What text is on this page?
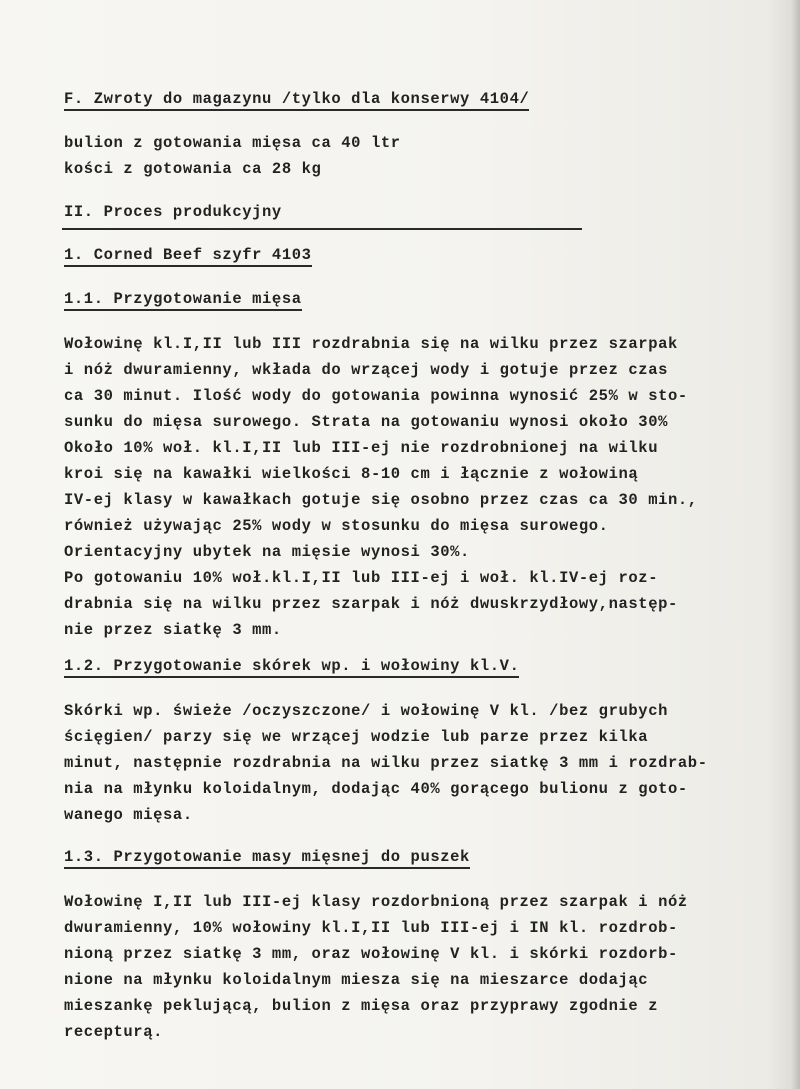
F. Zwroty do magazynu /tylko dla konserwy 4104/
bulion z gotowania mięsa ca 40 ltr
kości z gotowania ca 28 kg
II. Proces produkcyjny
1. Corned Beef szyfr 4103
1.1. Przygotowanie mięsa
Wołowinę kl.I,II lub III rozdrabnia się na wilku przez szarpak
i nóż dwuramienny, wkłada do wrzącej wody i gotuje przez czas
ca 30 minut. Ilość wody do gotowania powinna wynosić 25% w sto-
sunku do mięsa surowego. Strata na gotowaniu wynosi około 30%
Około 10% woł. kl.I,II lub III-ej nie rozdrobnionej na wilku
kroi się na kawałki wielkości 8-10 cm i łącznie z wołowiną
IV-ej klasy w kawałkach gotuje się osobno przez czas ca 30 min.,
również używając 25% wody w stosunku do mięsa surowego.
Orientacyjny ubytek na mięsie wynosi 30%.
Po gotowaniu 10% woł.kl.I,II lub III-ej i woł. kl.IV-ej roz-
drabnia się na wilku przez szarpak i nóż dwuskrzydłowy,następ-
nie przez siatkę 3 mm.
1.2. Przygotowanie skórek wp. i wołowiny kl.V.
Skórki wp. świeże /oczyszczone/ i wołowinę V kl. /bez grubych
ścięgien/ parzy się we wrzącej wodzie lub parze przez kilka
minut, następnie rozdrabnia na wilku przez siatkę 3 mm i rozdrab-
nia na młynku koloidalnym, dodając 40% gorącego bulionu z goto-
wanego mięsa.
1.3. Przygotowanie masy mięsnej do puszek
Wołowinę I,II lub III-ej klasy rozdorbnioną przez szarpak i nóż
dwuramienny, 10% wołowiny kl.I,II lub III-ej i IN kl. rozdrob-
nioną przez siatkę 3 mm, oraz wołowinę V kl. i skórki rozdorb-
nione na młynku koloidalnym miesza się na mieszarce dodając
mieszankę peklującą, bulion z mięsa oraz przyprawy zgodnie z
recepturą.
